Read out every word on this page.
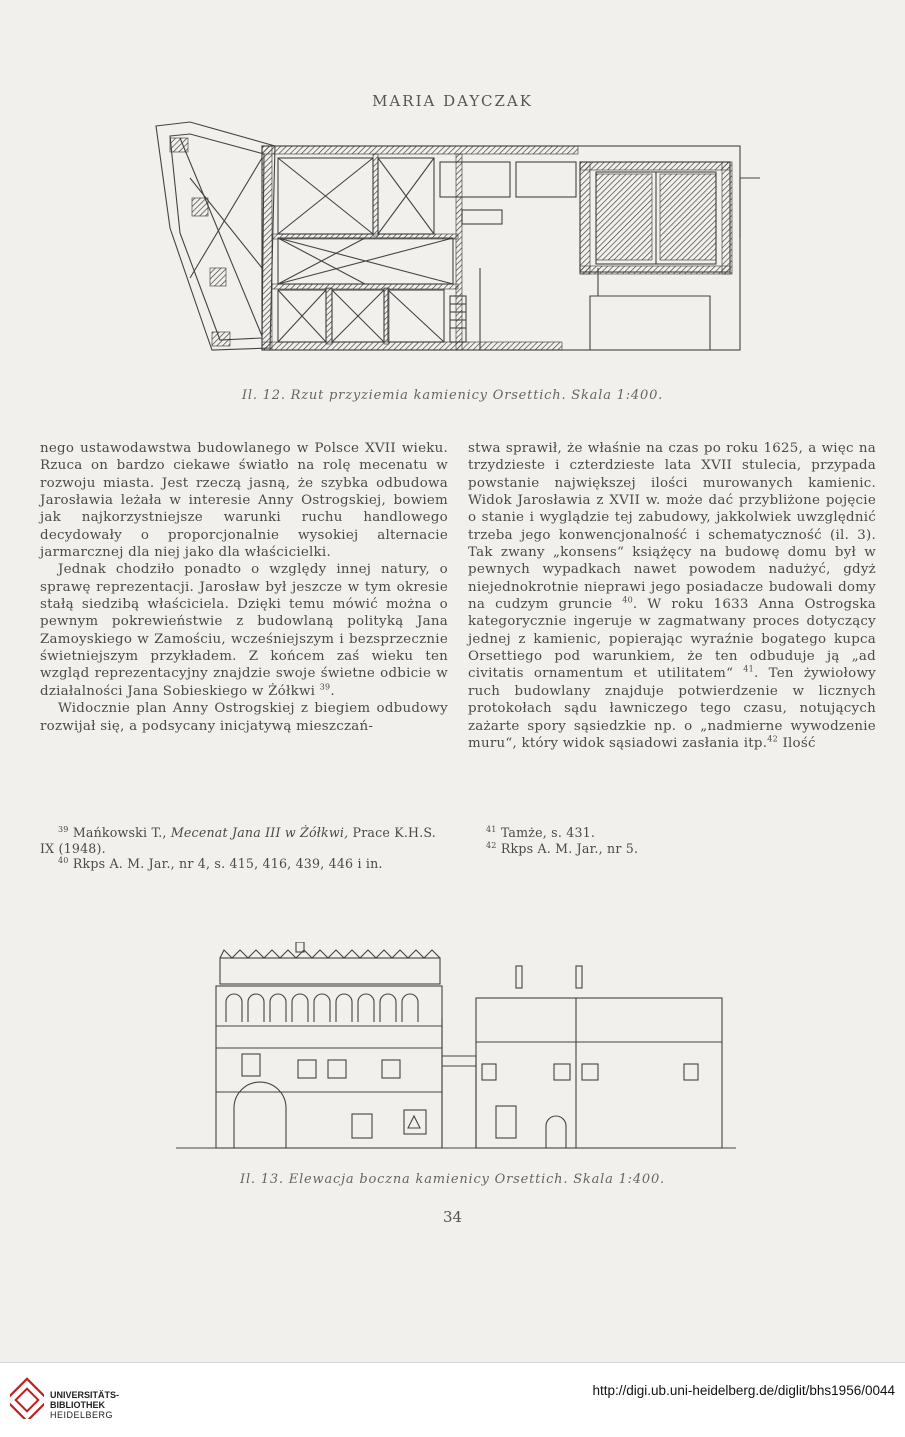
MARIA DAYCZAK
Il. 12. Rzut przyziemia kamienicy Orsettich. Skala 1:400.

nego ustawodawstwa budowlanego w Polsce XVII wieku. Rzuca on bardzo ciekawe światło na rolę mecenatu w rozwoju miasta. Jest rzeczą jasną, że szybka odbudowa Jarosławia leżała w interesie Anny Ostrogskiej, bowiem jak najkorzystniejsze warunki ruchu handlowego decydowały o proporcjonalnie wysokiej alternacie jarmarcznej dla niej jako dla właścicielki.

Jednak chodziło ponadto o względy innej natury, o sprawę reprezentacji. Jarosław był jeszcze w tym okresie stałą siedzibą właściciela. Dzięki temu mówić można o pewnym pokrewieństwie z budowlaną polityką Jana Zamoyskiego w Zamościu, wcześniejszym i bezsprzecznie świetniejszym przykładem. Z końcem zaś wieku ten wzgląd reprezentacyjny znajdzie swoje świetne odbicie w działalności Jana Sobieskiego w Żółkwi $^{39}$.

Widocznie plan Anny Ostrogskiej z biegiem odbudowy rozwijał się, a podsycany inicjatywą mieszczań-

stwa sprawił, że właśnie na czas po roku 1625, a więc na trzydzieste i czterdzieste lata XVII stulecia, przypada powstanie największej ilości murowanych kamienic. Widok Jarosławia z XVII w. może dać przybliżone pojęcie o stanie i wyglądzie tej zabudowy, jakkolwiek uwzględnić trzeba jego konwencjonalność i schematyczność (il. 3). Tak zwany „konsens“ książęcy na budowę domu był w pewnych wypadkach nawet powodem nadużyć, gdyż niejednokrotnie nieprawi jego posiadacze budowali domy na cudzym gruncie $^{40}$. W roku 1633 Anna Ostrogska kategorycznie ingeruje w zagmatwany proces dotyczący jednej z kamienic, popierając wyraźnie bogatego kupca Orsettiego pod warunkiem, że ten odbuduje ją „ad civitatis ornamentum et utilitatem“ $^{41}$. Ten żywiołowy ruch budowlany znajduje potwierdzenie w licznych protokołach sądu ławniczego tego czasu, notujących zażarte spory sąsiedzkie np. o „nadmierne wywodzenie muru“, który widok sąsiadowi zasłania itp.$^{42}$ Ilość

$^{39}$ Mańkowski T., Mecenat Jana III w Żółkwi, Prace K.H.S. IX (1948).

$^{40}$ Rkps A. M. Jar., nr 4, s. 415, 416, 439, 446 i in.

$^{41}$ Tamże, s. 431.

$^{42}$ Rkps A. M. Jar., nr 5.

Il. 13. Elewacja boczna kamienicy Orsettich. Skala 1:400.
34
UNIVERSITÄTS-
BIBLIOTHEK
HEIDELBERG
http://digi.ub.uni-heidelberg.de/diglit/bhs1956/0044
